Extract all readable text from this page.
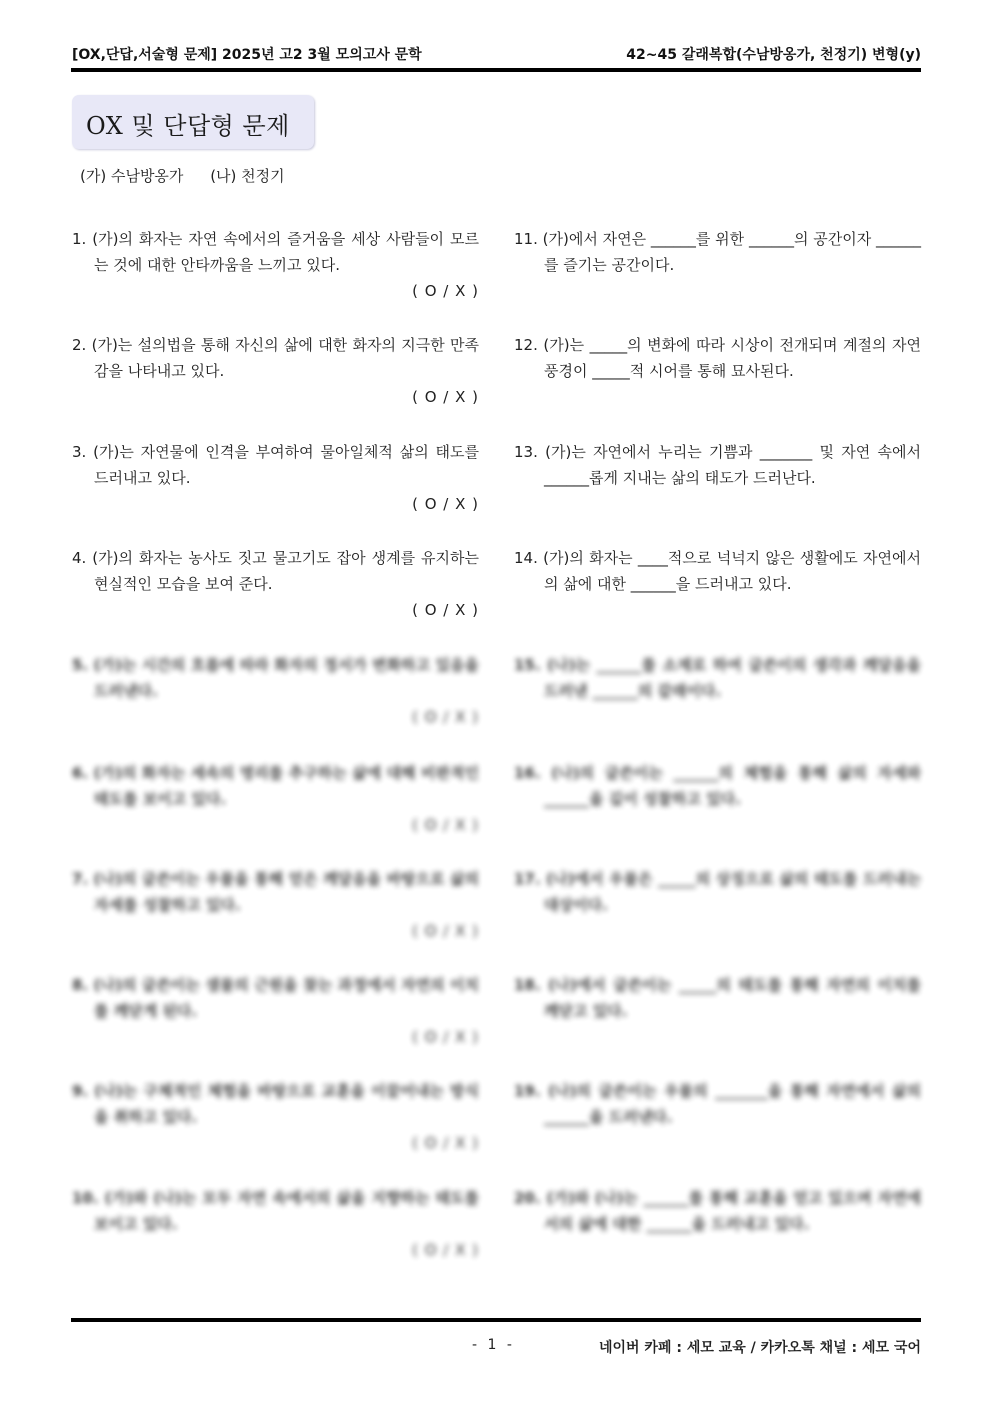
[OX,단답,서술형 문제] 2025년 고2 3월 모의고사 문학	42~45 갈래복합(수남방옹가, 천정기) 변형(y)
OX 및 단답형 문제
(가) 수남방옹가 (나) 천정기
1. (가)의 화자는 자연 속에서의 즐거움을 세상 사람들이 모르는 것에 대한 안타까움을 느끼고 있다.
( O / X )
2. (가)는 설의법을 통해 자신의 삶에 대한 화자의 지극한 만족감을 나타내고 있다.
( O / X )
3. (가)는 자연물에 인격을 부여하여 물아일체적 삶의 태도를 드러내고 있다.
( O / X )
4. (가)의 화자는 농사도 짓고 물고기도 잡아 생계를 유지하는 현실적인 모습을 보여 준다.
( O / X )
5. (가)는 시간의 흐름에 따라 화자의 정서가 변화하고 있음을 드러낸다.
( O / X )
6. (가)의 화자는 세속의 명리를 추구하는 삶에 대해 비판적인 태도를 보이고 있다.
( O / X )
7. (나)의 글쓴이는 우물을 통해 얻은 깨달음을 바탕으로 삶의 자세를 성찰하고 있다.
( O / X )
8. (나)의 글쓴이는 샘물의 근원을 찾는 과정에서 자연의 이치를 깨닫게 된다.
( O / X )
9. (나)는 구체적인 체험을 바탕으로 교훈을 이끌어내는 방식을 취하고 있다.
( O / X )
10. (가)와 (나)는 모두 자연 속에서의 삶을 지향하는 태도를 보이고 있다.
( O / X )
11. (가)에서 자연은 ______를 위한 ______의 공간이자 ______를 즐기는 공간이다.
12. (가)는 _____의 변화에 따라 시상이 전개되며 계절의 자연 풍경이 _____적 시어를 통해 묘사된다.
13. (가)는 자연에서 누리는 기쁨과 _______ 및 자연 속에서 ______롭게 지내는 삶의 태도가 드러난다.
14. (가)의 화자는 ____적으로 넉넉지 않은 생활에도 자연에서의 삶에 대한 ______을 드러내고 있다.
15. (나)는 ______를 소재로 하여 글쓴이의 생각과 깨달음을 드러낸 ______의 갈래이다.
16. (나)의 글쓴이는 ______의 체험을 통해 삶의 자세와 ______을 깊이 성찰하고 있다.
17. (나)에서 우물은 _____의 상징으로 삶의 태도를 드러내는 대상이다.
18. (나)에서 글쓴이는 _____의 태도를 통해 자연의 이치를 깨닫고 있다.
19. (나)의 글쓴이는 우물의 _______을 통해 자연에서 삶의 ______을 드러낸다.
20. (가)와 (나)는 ______를 통해 교훈을 얻고 있으며 자연에서의 삶에 대한 ______을 드러내고 있다.
- 1 -	네이버 카페 : 세모 교육 / 카카오톡 채널 : 세모 국어
